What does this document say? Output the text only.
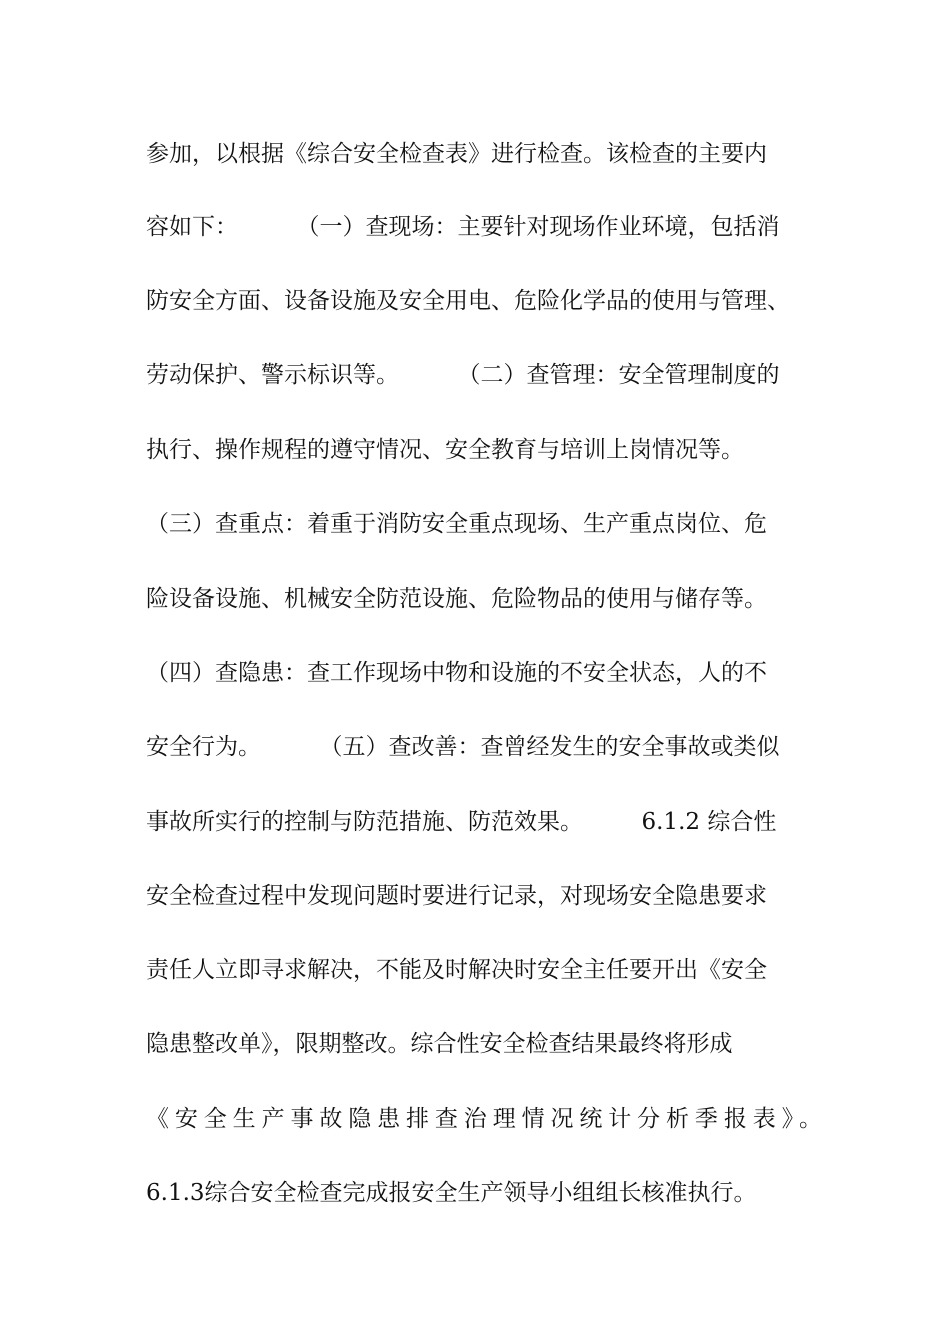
参加，以根据《综合安全检查表》进行检查。该检查的主要内
容如下：        （一）查现场：主要针对现场作业环境，包括消
防安全方面、设备设施及安全用电、危险化学品的使用与管理、
劳动保护、警示标识等。        （二）查管理：安全管理制度的
执行、操作规程的遵守情况、安全教育与培训上岗情况等。
（三）查重点：着重于消防安全重点现场、生产重点岗位、危
险设备设施、机械安全防范设施、危险物品的使用与储存等。
（四）查隐患：查工作现场中物和设施的不安全状态，人的不
安全行为。        （五）查改善：查曾经发生的安全事故或类似
事故所实行的控制与防范措施、防范效果。        6.1.2 综合性
安全检查过程中发现问题时要进行记录，对现场安全隐患要求
责任人立即寻求解决，不能及时解决时安全主任要开出《安全
隐患整改单》，限期整改。综合性安全检查结果最终将形成
《安全生产事故隐患排查治理情况统计分析季报表》。
6.1.3综合安全检查完成报安全生产领导小组组长核准执行。
